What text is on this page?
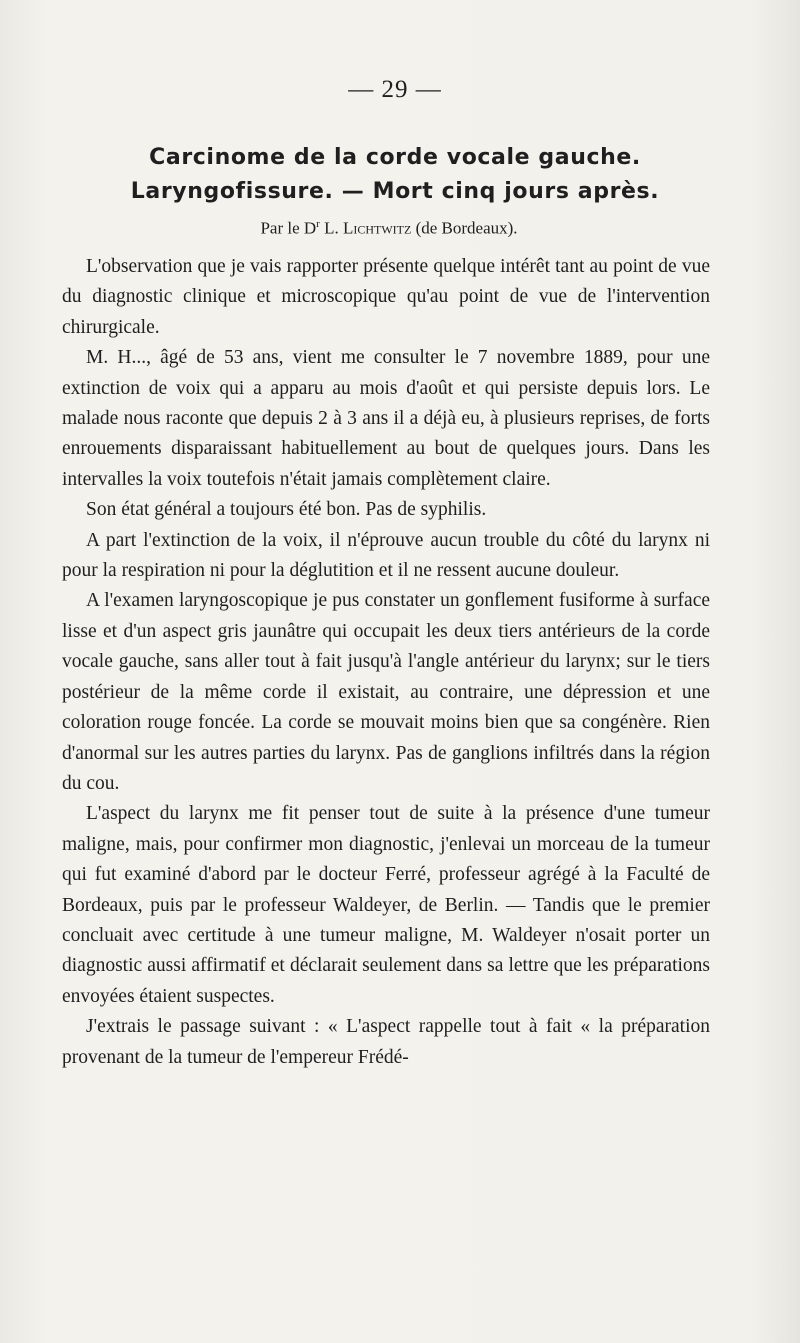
— 29 —
Carcinome de la corde vocale gauche.
Laryngofissure. — Mort cinq jours après.
Par le $D^r$ L. Lichtwitz (de Bordeaux).

L'observation que je vais rapporter présente quelque intérêt tant au point de vue du diagnostic clinique et microscopique qu'au point de vue de l'intervention chirurgicale.

M. H..., âgé de 53 ans, vient me consulter le 7 novembre 1889, pour une extinction de voix qui a apparu au mois d'août et qui persiste depuis lors. Le malade nous raconte que depuis 2 à 3 ans il a déjà eu, à plusieurs reprises, de forts enrouements disparaissant habituellement au bout de quelques jours. Dans les intervalles la voix toutefois n'était jamais complètement claire.

Son état général a toujours été bon. Pas de syphilis.

A part l'extinction de la voix, il n'éprouve aucun trouble du côté du larynx ni pour la respiration ni pour la déglutition et il ne ressent aucune douleur.

A l'examen laryngoscopique je pus constater un gonflement fusiforme à surface lisse et d'un aspect gris jaunâtre qui occupait les deux tiers antérieurs de la corde vocale gauche, sans aller tout à fait jusqu'à l'angle antérieur du larynx; sur le tiers postérieur de la même corde il existait, au contraire, une dépression et une coloration rouge foncée. La corde se mouvait moins bien que sa congénère. Rien d'anormal sur les autres parties du larynx. Pas de ganglions infiltrés dans la région du cou.

L'aspect du larynx me fit penser tout de suite à la présence d'une tumeur maligne, mais, pour confirmer mon diagnostic, j'enlevai un morceau de la tumeur qui fut examiné d'abord par le docteur Ferré, professeur agrégé à la Faculté de Bordeaux, puis par le professeur Waldeyer, de Berlin. — Tandis que le premier concluait avec certitude à une tumeur maligne, M. Waldeyer n'osait porter un diagnostic aussi affirmatif et déclarait seulement dans sa lettre que les préparations envoyées étaient suspectes.

J'extrais le passage suivant : « L'aspect rappelle tout à fait « la préparation provenant de la tumeur de l'empereur Frédé-
